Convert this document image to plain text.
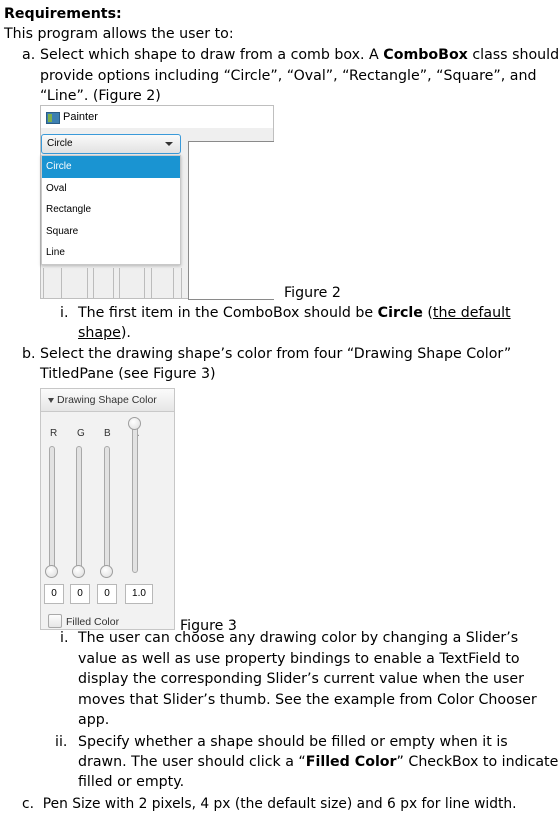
Requirements:
This program allows the user to:
a. Select which shape to draw from a comb box. A ComboBox class should
provide options including “Circle”, “Oval”, “Rectangle”, “Square”, and
“Line”. (Figure 2)
Painter
Circle
Circle
Oval
Rectangle
Square
Line
Figure 2
i. The first item in the ComboBox should be Circle (the default
shape).
b. Select the drawing shape’s color from four “Drawing Shape Color”
TitledPane (see Figure 3)
Drawing Shape Color
R G B
0	0	0	1.0
Filled Color	Figure 3
i. The user can choose any drawing color by changing a Slider’s
value as well as use property bindings to enable a TextField to
display the corresponding Slider’s current value when the user
moves that Slider’s thumb. See the example from Color Chooser
app.
ii. Specify whether a shape should be filled or empty when it is
drawn. The user should click a “Filled Color” CheckBox to indicate
filled or empty.
c. Pen Size with 2 pixels, 4 px (the default size) and 6 px for line width.
